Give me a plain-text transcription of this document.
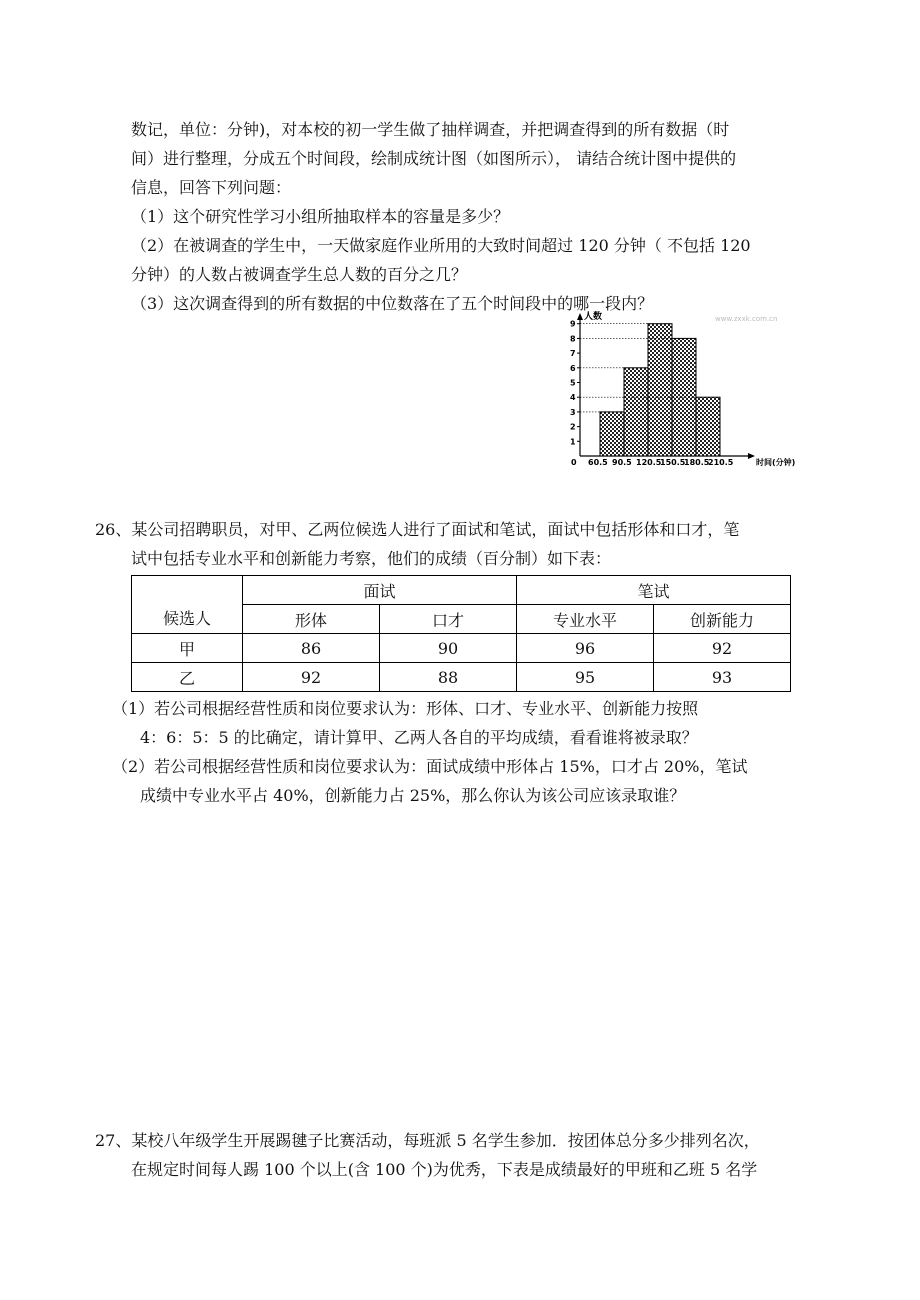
数记，单位：分钟)，对本校的初一学生做了抽样调查，并把调查得到的所有数据（时
间）进行整理，分成五个时间段，绘制成统计图（如图所示）， 请结合统计图中提供的
信息，回答下列问题：
（1）这个研究性学习小组所抽取样本的容量是多少？
（2）在被调查的学生中，一天做家庭作业所用的大致时间超过 120 分钟（ 不包括 120
分钟）的人数占被调查学生总人数的百分之几？
（3）这次调查得到的所有数据的中位数落在了五个时间段中的哪一段内？
1
2
3
4
5
6
7
8
9
60.5 90.5 120.5
150.5
180.5
210.5
人数
时间(分钟)
0
www.zxxk.com.cn
26、某公司招聘职员，对甲、乙两位候选人进行了面试和笔试，面试中包括形体和口才，笔
试中包括专业水平和创新能力考察，他们的成绩（百分制）如下表：
候选人	面试		笔试	
	形体	口才	专业水平	创新能力
甲	86	90	96	92
乙	92	88	95	93
（1）若公司根据经营性质和岗位要求认为：形体、口才、专业水平、创新能力按照
4：6：5：5 的比确定，请计算甲、乙两人各自的平均成绩，看看谁将被录取？
（2）若公司根据经营性质和岗位要求认为：面试成绩中形体占 15%，口才占 20%，笔试
成绩中专业水平占 40%，创新能力占 25%，那么你认为该公司应该录取谁？
27、某校八年级学生开展踢毽子比赛活动，每班派 5 名学生参加．按团体总分多少排列名次，
在规定时间每人踢 100 个以上(含 100 个)为优秀，下表是成绩最好的甲班和乙班 5 名学
